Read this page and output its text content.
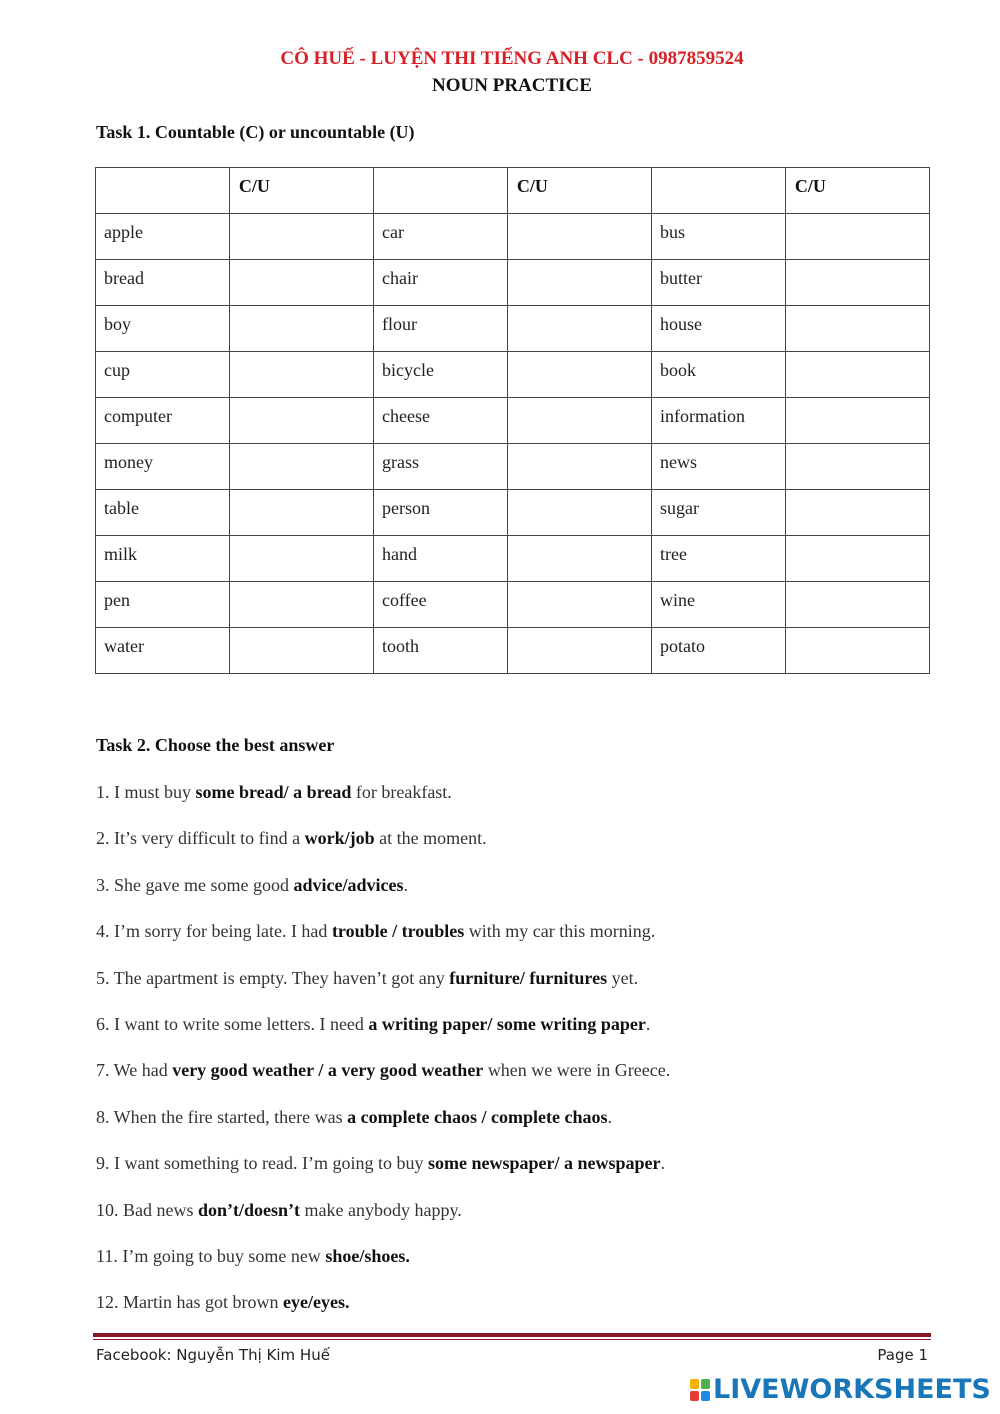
CÔ HUẾ - LUYỆN THI TIẾNG ANH CLC - 0987859524
NOUN PRACTICE
Task 1. Countable (C) or uncountable (U)
	C/U		C/U		C/U
apple		car		bus	
bread		chair		butter	
boy		flour		house	
cup		bicycle		book	
computer		cheese		information	
money		grass		news	
table		person		sugar	
milk		hand		tree	
pen		coffee		wine	
water		tooth		potato	
Task 2. Choose the best answer
1. I must buy some bread/ a bread for breakfast.
2. It’s very difficult to find a work/job at the moment.
3. She gave me some good advice/advices.
4. I’m sorry for being late. I had trouble / troubles with my car this morning.
5. The apartment is empty. They haven’t got any furniture/ furnitures yet.
6. I want to write some letters. I need a writing paper/ some writing paper.
7. We had very good weather / a very good weather when we were in Greece.
8. When the fire started, there was a complete chaos / complete chaos.
9. I want something to read. I’m going to buy some newspaper/ a newspaper.
10. Bad news don’t/doesn’t make anybody happy.
11. I’m going to buy some new shoe/shoes.
12. Martin has got brown eye/eyes.
Facebook: Nguyễn Thị Kim Huế	Page 1
LIVEWORKSHEETS
